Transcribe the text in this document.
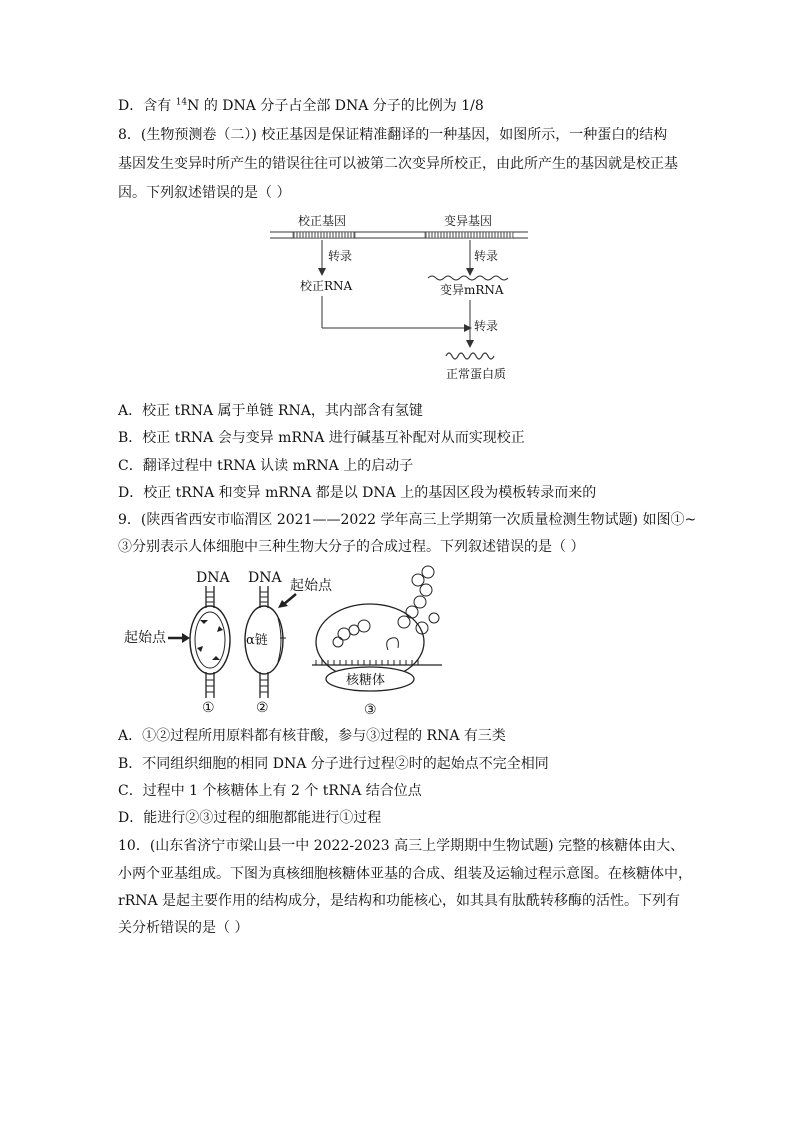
D．含有 $^{14}$N 的 DNA 分子占全部 DNA 分子的比例为 1/8
8．(生物预测卷（二）) 校正基因是保证精准翻译的一种基因，如图所示，一种蛋白的结构
基因发生变异时所产生的错误往往可以被第二次变异所校正，由此所产生的基因就是校正基
因。下列叙述错误的是（ ）
校正基因	变异基因
转录	转录
校正RNA	变异mRNA
转录
正常蛋白质
A．校正 tRNA 属于单链 RNA，其内部含有氢键
B．校正 tRNA 会与变异 mRNA 进行碱基互补配对从而实现校正
C．翻译过程中 tRNA 认读 mRNA 上的启动子
D．校正 tRNA 和变异 mRNA 都是以 DNA 上的基因区段为模板转录而来的
9．(陕西省西安市临渭区 2021——2022 学年高三上学期第一次质量检测生物试题) 如图①~
③分别表示人体细胞中三种生物大分子的合成过程。下列叙述错误的是（ ）
DNA
起始点
①
DNA
α链
起始点
②
核糖体
③
A．①②过程所用原料都有核苷酸，参与③过程的 RNA 有三类
B．不同组织细胞的相同 DNA 分子进行过程②时的起始点不完全相同
C．过程中 1 个核糖体上有 2 个 tRNA 结合位点
D．能进行②③过程的细胞都能进行①过程
10．(山东省济宁市梁山县一中 2022-2023 高三上学期期中生物试题) 完整的核糖体由大、
小两个亚基组成。下图为真核细胞核糖体亚基的合成、组装及运输过程示意图。在核糖体中，
rRNA 是起主要作用的结构成分，是结构和功能核心，如其具有肽酰转移酶的活性。下列有
关分析错误的是（ ）
